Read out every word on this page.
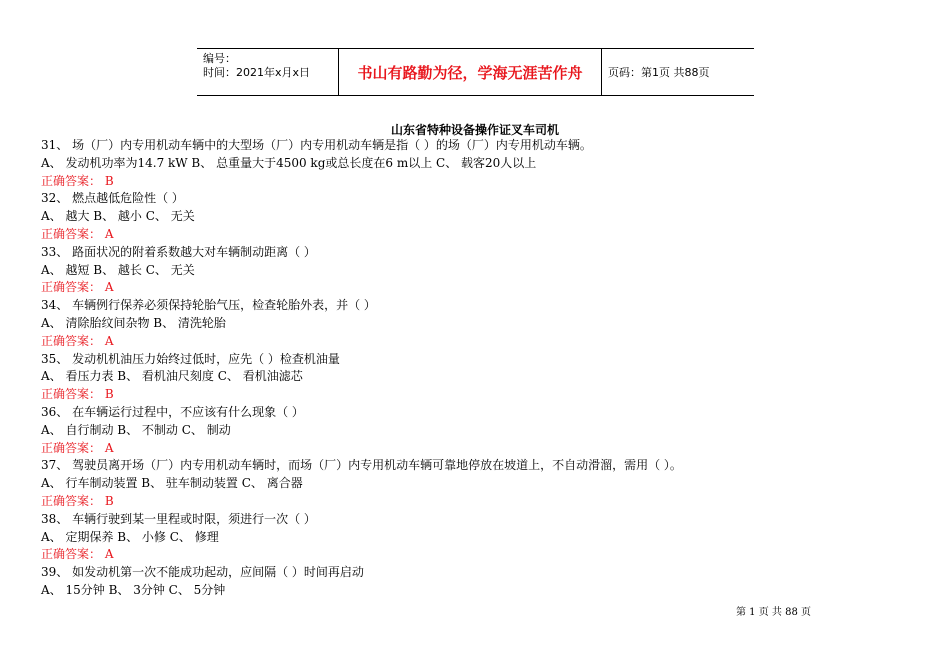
编号：
时间：2021年x月x日	书山有路勤为径，学海无涯苦作舟 页码：第1页 共88页
山东省特种设备操作证叉车司机
31、 场（厂）内专用机动车辆中的大型场（厂）内专用机动车辆是指（ ）的场（厂）内专用机动车辆。
A、 发动机功率为14.7 kW B、 总重量大于4500 kg或总长度在6 m以上 C、 载客20人以上
正确答案： B
32、 燃点越低危险性（ ）
A、 越大 B、 越小 C、 无关
正确答案： A
33、 路面状况的附着系数越大对车辆制动距离（ ）
A、 越短 B、 越长 C、 无关
正确答案： A
34、 车辆例行保养必须保持轮胎气压，检查轮胎外表，并（ ）
A、 清除胎纹间杂物 B、 清洗轮胎
正确答案： A
35、 发动机机油压力始终过低时，应先（ ）检查机油量
A、 看压力表 B、 看机油尺刻度 C、 看机油滤芯
正确答案： B
36、 在车辆运行过程中，不应该有什么现象（ ）
A、 自行制动 B、 不制动 C、 制动
正确答案： A
37、 驾驶员离开场（厂）内专用机动车辆时，而场（厂）内专用机动车辆可靠地停放在坡道上，不自动滑溜，需用（ ）。
A、 行车制动装置 B、 驻车制动装置 C、 离合器
正确答案： B
38、 车辆行驶到某一里程或时限，须进行一次（ ）
A、 定期保养 B、 小修 C、 修理
正确答案： A
39、 如发动机第一次不能成功起动，应间隔（ ）时间再启动
A、 15分钟 B、 3分钟 C、 5分钟
第 1 页 共 88 页
